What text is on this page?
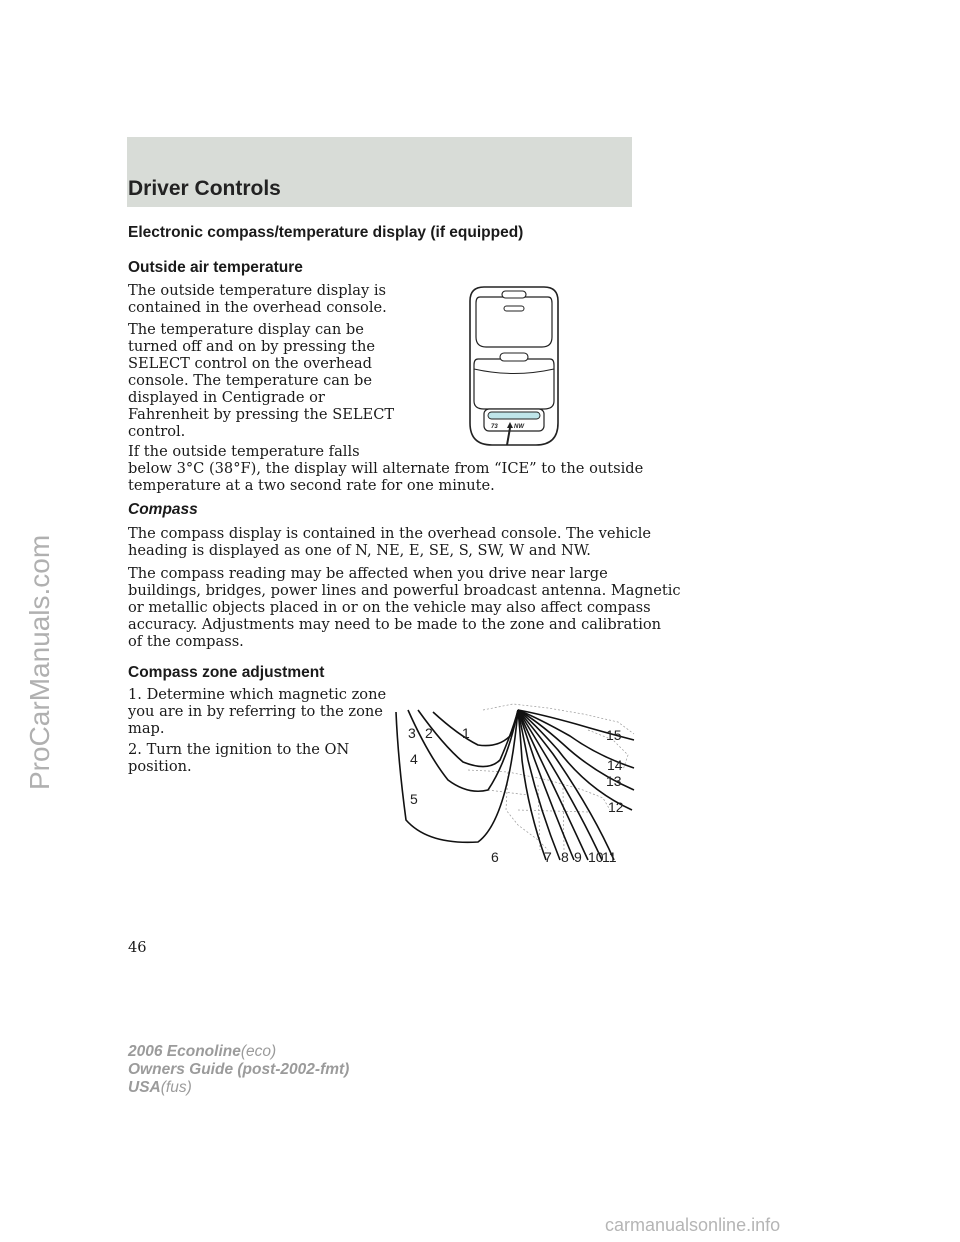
Driver Controls
Electronic compass/temperature display (if equipped)
Outside air temperature

The outside temperature display is
contained in the overhead console.

The temperature display can be
turned off and on by pressing the
SELECT control on the overhead
console. The temperature can be
displayed in Centigrade or
Fahrenheit by pressing the SELECT
control.

If the outside temperature falls
below 3°C (38°F), the display will alternate from “ICE” to the outside
temperature at a two second rate for one minute.

73	NW
Compass

The compass display is contained in the overhead console. The vehicle
heading is displayed as one of N, NE, E, SE, S, SW, W and NW.

The compass reading may be affected when you drive near large
buildings, bridges, power lines and powerful broadcast antenna. Magnetic
or metallic objects placed in or on the vehicle may also affect compass
accuracy. Adjustments may need to be made to the zone and calibration
of the compass.

Compass zone adjustment

1. Determine which magnetic zone
you are in by referring to the zone
map.

2. Turn the ignition to the ON
position.

1
2
3
4
5
6	7 8 9 10
11
12
13
14
15
46
2006 Econoline(eco)
Owners Guide (post-2002-fmt)
USA(fus)
ProCarManuals.com
carmanualsonline.info
